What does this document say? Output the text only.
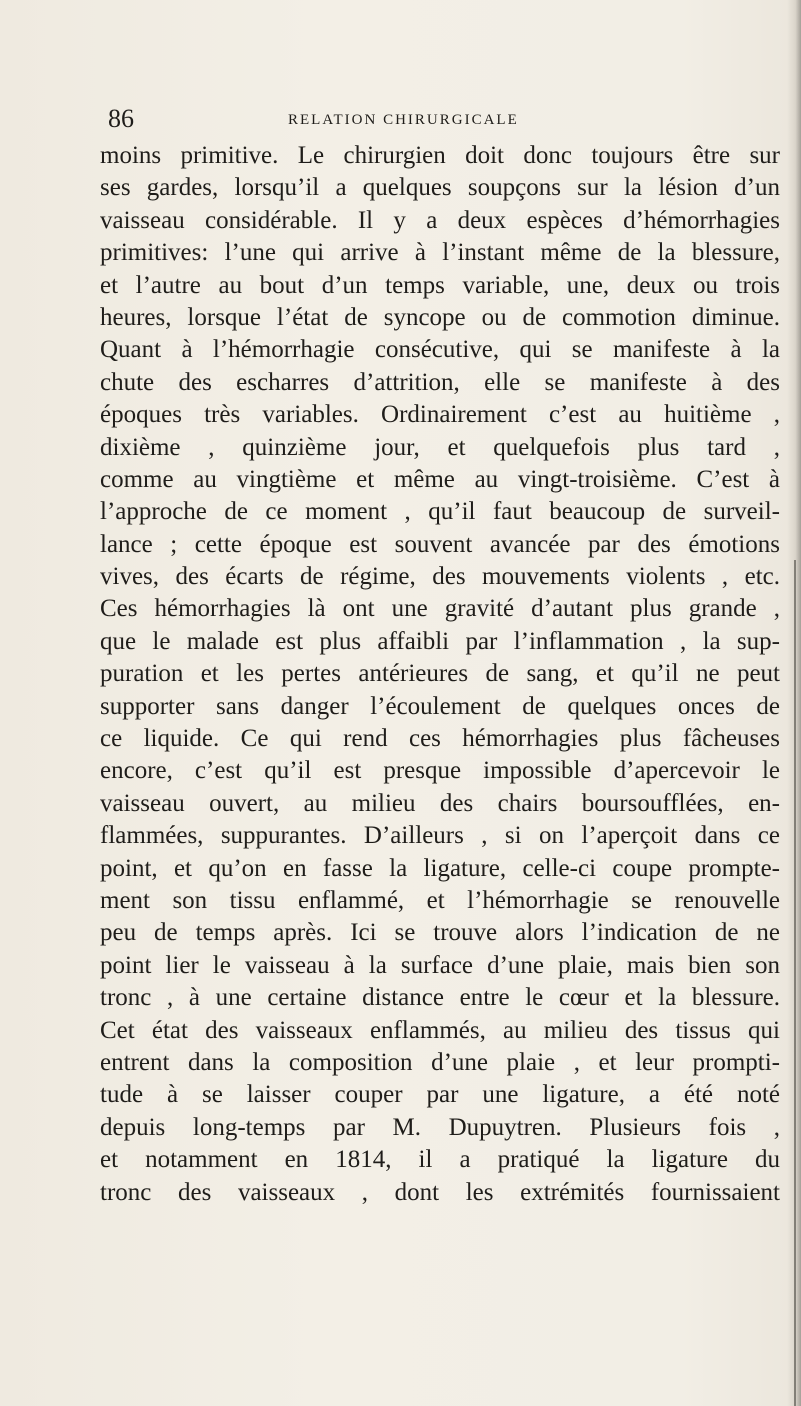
86	RELATION CHIRURGICALE
moins primitive. Le chirurgien doit donc toujours être sur
ses gardes, lorsqu’il a quelques soupçons sur la lésion d’un
vaisseau considérable. Il y a deux espèces d’hémorrhagies
primitives: l’une qui arrive à l’instant même de la blessure,
et l’autre au bout d’un temps variable, une, deux ou trois
heures, lorsque l’état de syncope ou de commotion diminue.
Quant à l’hémorrhagie consécutive, qui se manifeste à la
chute des escharres d’attrition, elle se manifeste à des
époques très variables. Ordinairement c’est au huitième ,
dixième , quinzième jour, et quelquefois plus tard ,
comme au vingtième et même au vingt-troisième. C’est à
l’approche de ce moment , qu’il faut beaucoup de surveil-
lance ; cette époque est souvent avancée par des émotions
vives, des écarts de régime, des mouvements violents , etc.
Ces hémorrhagies là ont une gravité d’autant plus grande ,
que le malade est plus affaibli par l’inflammation , la sup-
puration et les pertes antérieures de sang, et qu’il ne peut
supporter sans danger l’écoulement de quelques onces de
ce liquide. Ce qui rend ces hémorrhagies plus fâcheuses
encore, c’est qu’il est presque impossible d’apercevoir le
vaisseau ouvert, au milieu des chairs boursoufflées, en-
flammées, suppurantes. D’ailleurs , si on l’aperçoit dans ce
point, et qu’on en fasse la ligature, celle-ci coupe prompte-
ment son tissu enflammé, et l’hémorrhagie se renouvelle
peu de temps après. Ici se trouve alors l’indication de ne
point lier le vaisseau à la surface d’une plaie, mais bien son
tronc , à une certaine distance entre le cœur et la blessure.
Cet état des vaisseaux enflammés, au milieu des tissus qui
entrent dans la composition d’une plaie , et leur prompti-
tude à se laisser couper par une ligature, a été noté
depuis long-temps par M. Dupuytren. Plusieurs fois ,
et notamment en 1814, il a pratiqué la ligature du
tronc des vaisseaux , dont les extrémités fournissaient
